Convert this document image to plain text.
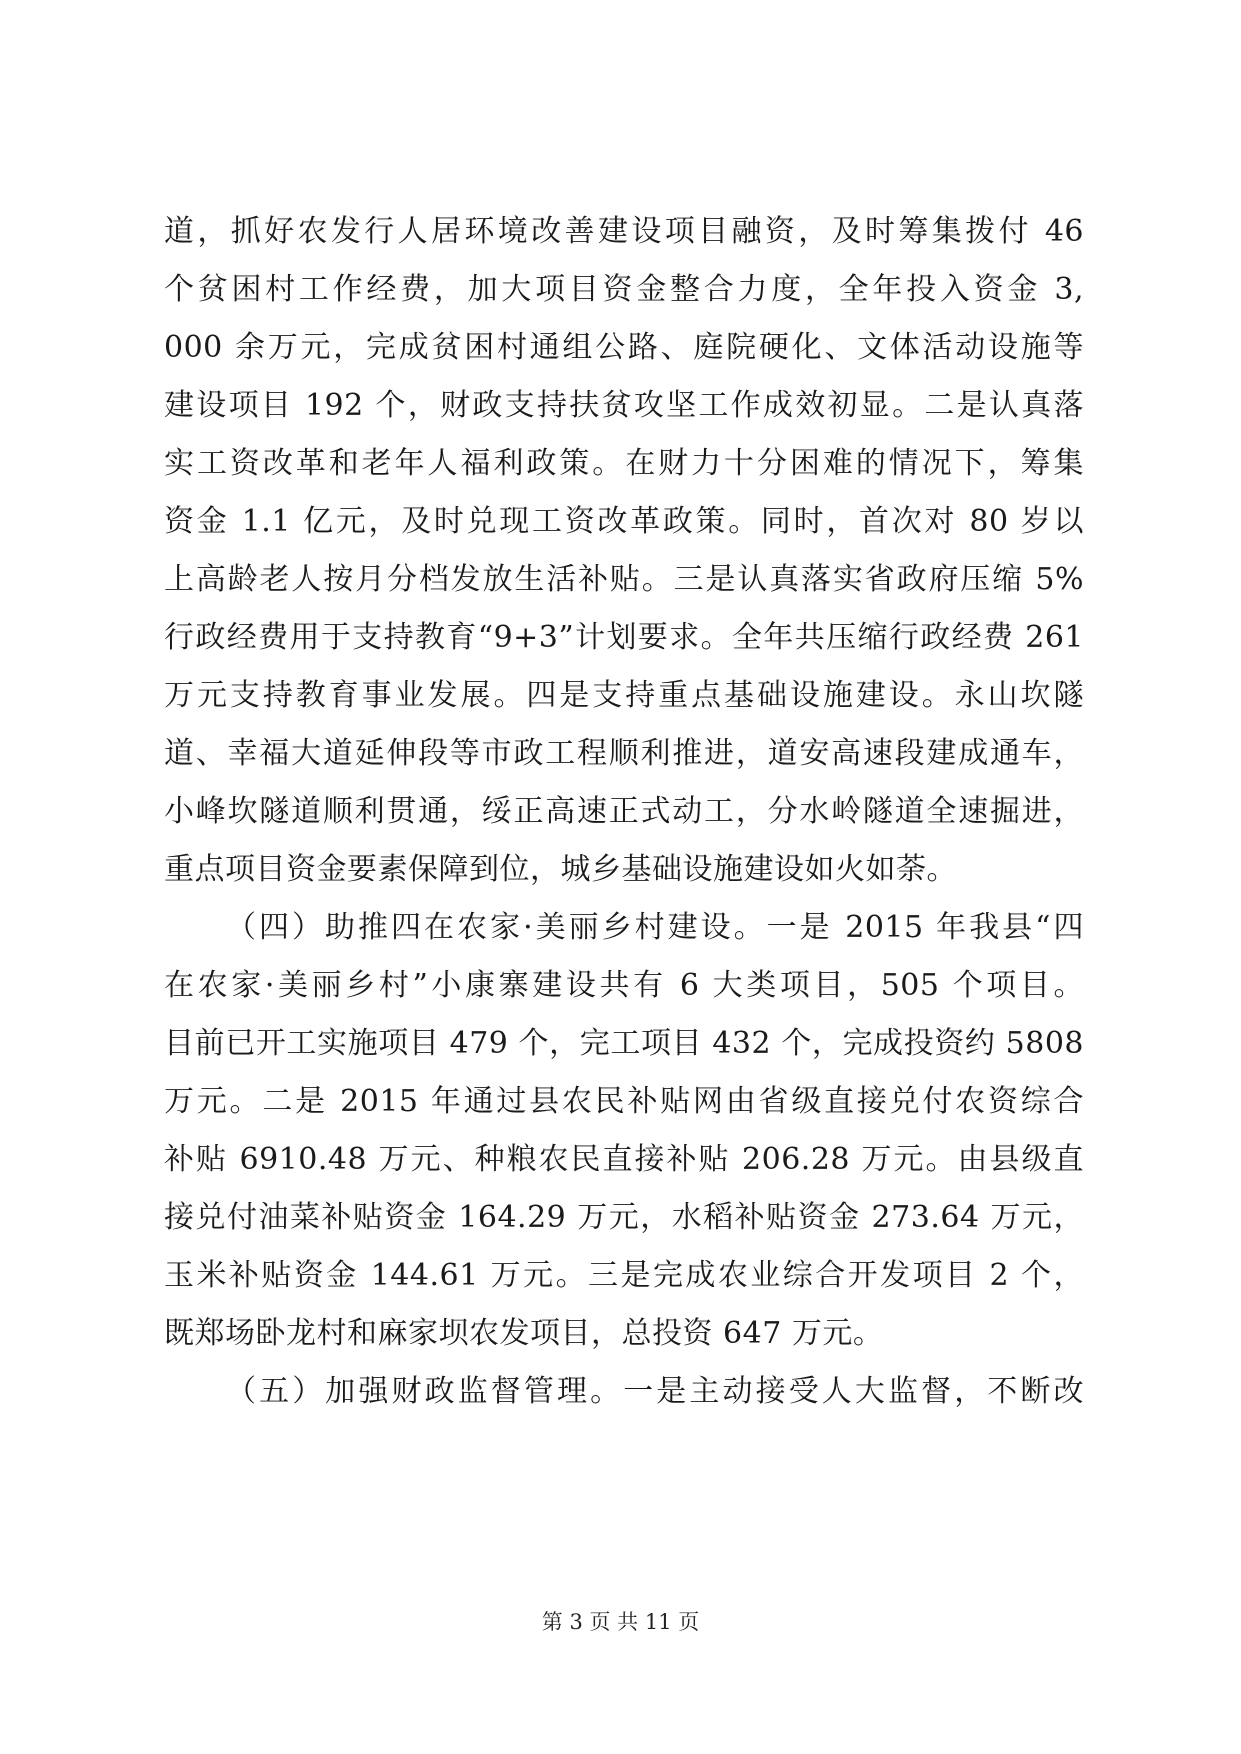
道，抓好农发行人居环境改善建设项目融资，及时筹集拨付 46
个贫困村工作经费，加大项目资金整合力度，全年投入资金 3,
000 余万元，完成贫困村通组公路、庭院硬化、文体活动设施等
建设项目 192 个，财政支持扶贫攻坚工作成效初显。二是认真落
实工资改革和老年人福利政策。在财力十分困难的情况下，筹集
资金 1.1 亿元，及时兑现工资改革政策。同时，首次对 80 岁以
上高龄老人按月分档发放生活补贴。三是认真落实省政府压缩 5%
行政经费用于支持教育“9+3”计划要求。全年共压缩行政经费 261
万元支持教育事业发展。四是支持重点基础设施建设。永山坎隧
道、幸福大道延伸段等市政工程顺利推进，道安高速段建成通车，
小峰坎隧道顺利贯通，绥正高速正式动工，分水岭隧道全速掘进，
重点项目资金要素保障到位，城乡基础设施建设如火如荼。
（四）助推四在农家·美丽乡村建设。一是 2015 年我县“四
在农家·美丽乡村”小康寨建设共有 6 大类项目，505 个项目。
目前已开工实施项目 479 个，完工项目 432 个，完成投资约 5808
万元。二是 2015 年通过县农民补贴网由省级直接兑付农资综合
补贴 6910.48 万元、种粮农民直接补贴 206.28 万元。由县级直
接兑付油菜补贴资金 164.29 万元，水稻补贴资金 273.64 万元，
玉米补贴资金 144.61 万元。三是完成农业综合开发项目 2 个，
既郑场卧龙村和麻家坝农发项目，总投资 647 万元。
（五）加强财政监督管理。一是主动接受人大监督，不断改
第 3 页 共 11 页
